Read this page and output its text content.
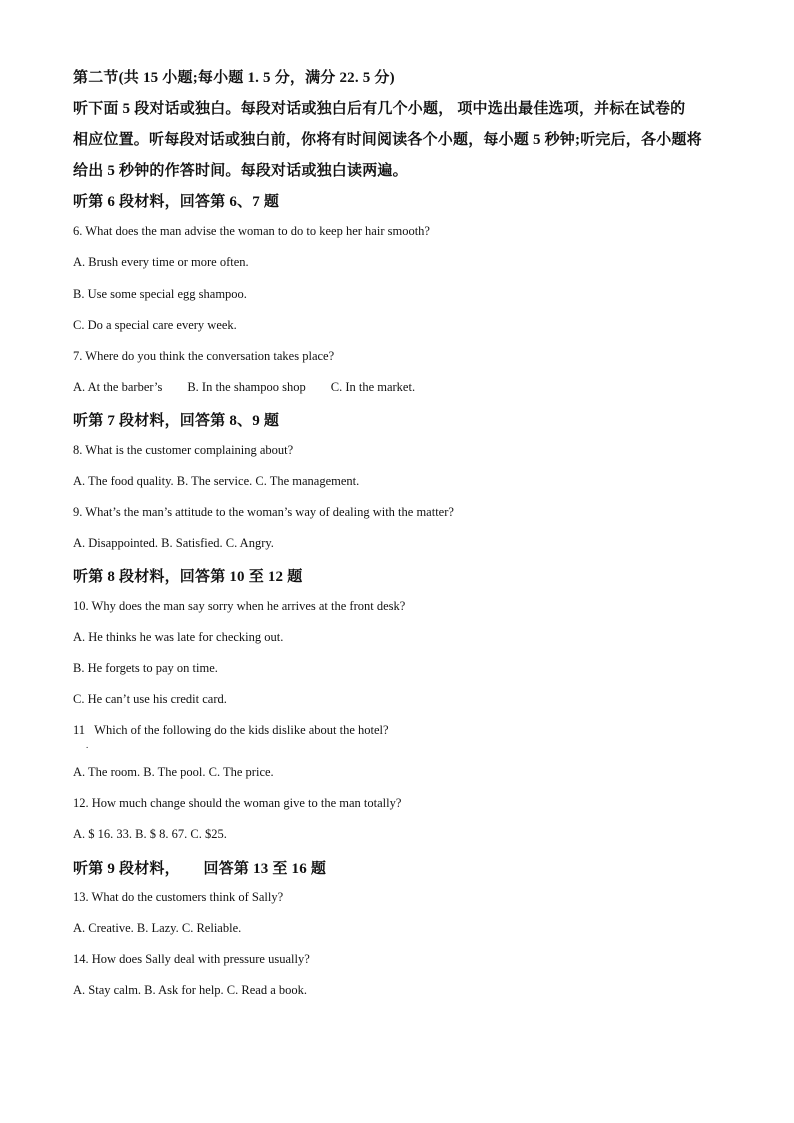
第二节(共 15 小题;每小题 1. 5 分，满分 22. 5 分)
听下面 5 段对话或独白。每段对话或独白后有几个小题， 项中选出最佳选项，并标在试卷的
相应位置。听每段对话或独白前，你将有时间阅读各个小题，每小题 5 秒钟;听完后，各小题将
给出 5 秒钟的作答时间。每段对话或独白读两遍。
听第 6 段材料，回答第 6、7 题
6. What does the man advise the woman to do to keep her hair smooth?
A. Brush every time or more often.
B. Use some special egg shampoo.
C. Do a special care every week.
7. Where do you think the conversation takes place?
A. At the barber’s        B. In the shampoo shop        C. In the market.
听第 7 段材料，回答第 8、9 题
8. What is the customer complaining about?
A. The food quality. B. The service. C. The management.
9. What’s the man’s attitude to the woman’s way of dealing with the matter?
A. Disappointed. B. Satisfied. C. Angry.
听第 8 段材料，回答第 10 至 12 题
10. Why does the man say sorry when he arrives at the front desk?
A. He thinks he was late for checking out.
B. He forgets to pay on time.
C. He can’t use his credit card.
11   Which of the following do the kids dislike about the hotel?
.
A. The room. B. The pool. C. The price.
12. How much change should the woman give to the man totally?
A. $ 16. 33. B. $ 8. 67. C. $25.
听第 9 段材料，      回答第 13 至 16 题
13. What do the customers think of Sally?
A. Creative. B. Lazy. C. Reliable.
14. How does Sally deal with pressure usually?
A. Stay calm. B. Ask for help. C. Read a book.
